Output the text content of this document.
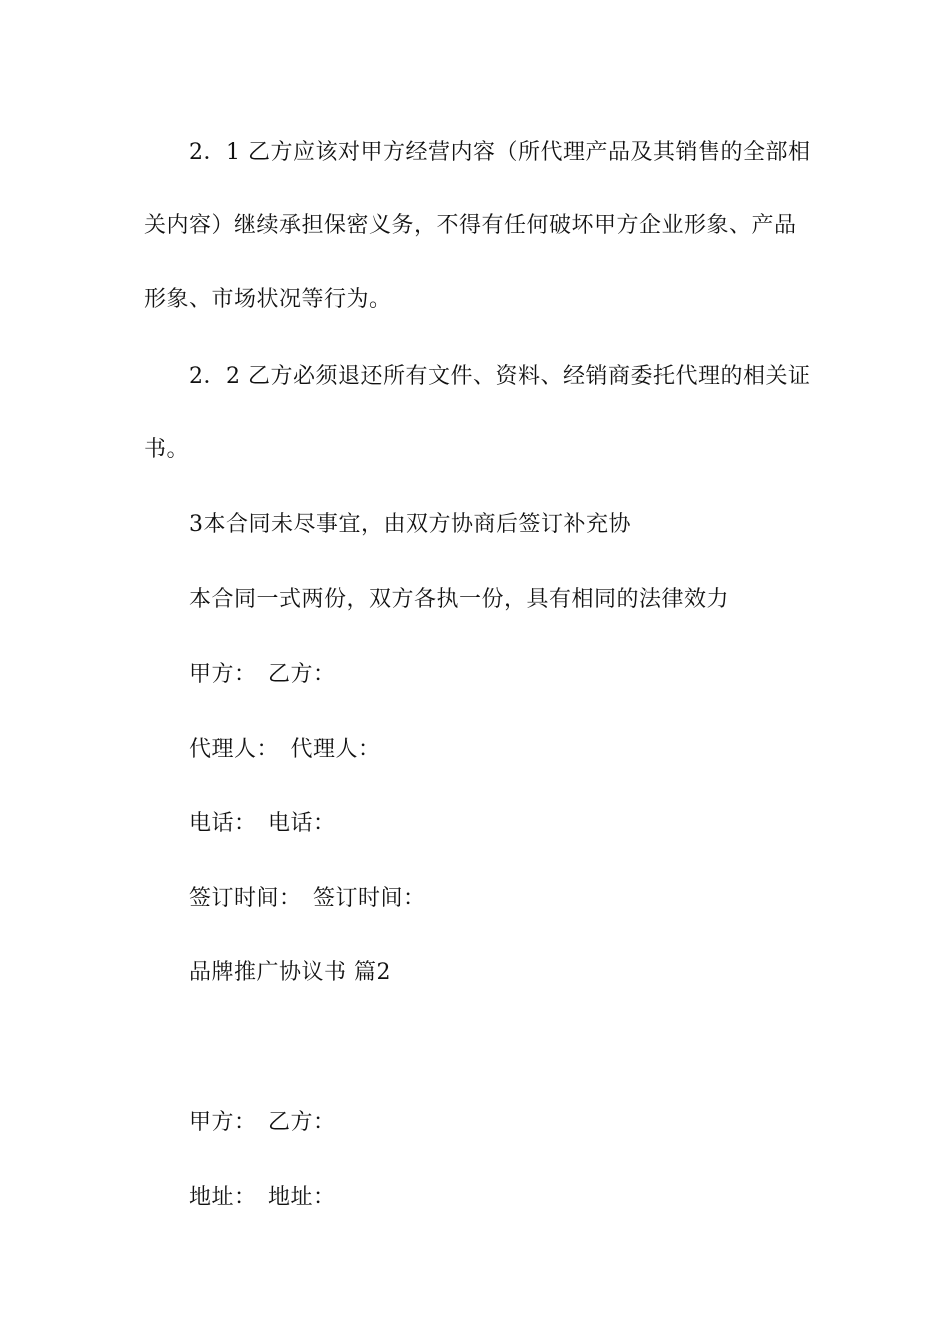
2．1 乙方应该对甲方经营内容（所代理产品及其销售的全部相
关内容）继续承担保密义务，不得有任何破坏甲方企业形象、产品
形象、市场状况等行为。
2．2 乙方必须退还所有文件、资料、经销商委托代理的相关证
书。
3本合同未尽事宜，由双方协商后签订补充协
本合同一式两份，双方各执一份，具有相同的法律效力
甲方：　乙方：
代理人：　代理人：
电话：　电话：
签订时间：　签订时间：
品牌推广协议书 篇2
甲方：　乙方：
地址：　地址：
